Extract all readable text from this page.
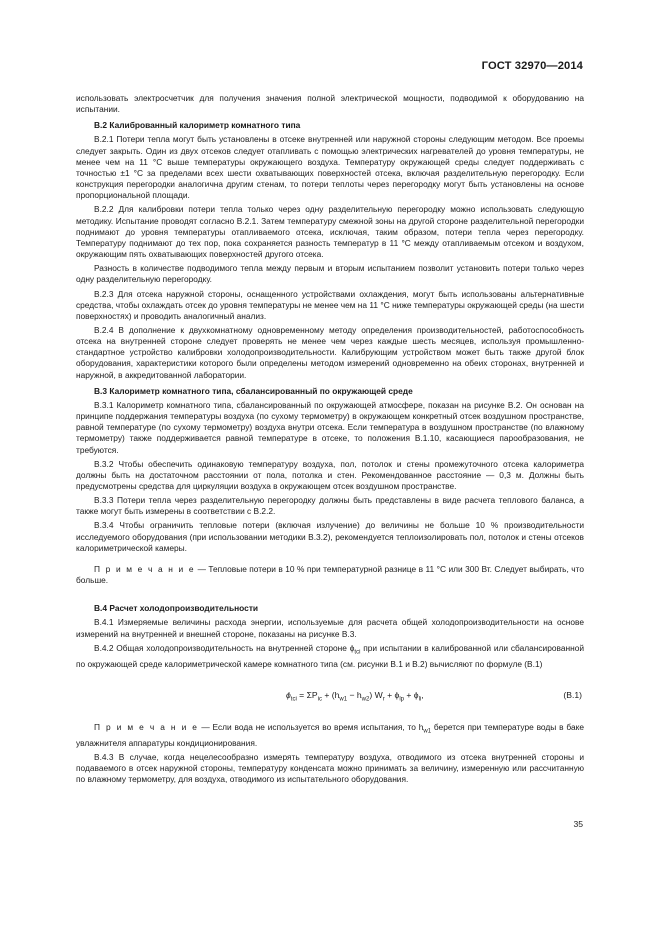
ГОСТ 32970—2014

использовать электросчетчик для получения значения полной электрической мощности, подводимой к оборудованию на испытании.

В.2 Калиброванный калориметр комнатного типа

В.2.1 Потери тепла могут быть установлены в отсеке внутренней или наружной стороны следующим методом. Все проемы следует закрыть. Один из двух отсеков следует отапливать с помощью электрических нагревателей до уровня температуры, не менее чем на 11 °С выше температуры окружающего воздуха. Температуру окружающей среды следует поддерживать с точностью ±1 °С за пределами всех шести охватывающих поверхностей отсека, включая разделительную перегородку. Если конструкция перегородки аналогична другим стенам, то потери теплоты через перегородку могут быть установлены на основе пропорциональной площади.

В.2.2 Для калибровки потери тепла только через одну разделительную перегородку можно использовать следующую методику. Испытание проводят согласно В.2.1. Затем температуру смежной зоны на другой стороне разделительной перегородки поднимают до уровня температуры отапливаемого отсека, исключая, таким образом, потери тепла через перегородку. Температуру поднимают до тех пор, пока сохраняется разность температур в 11 °С между отапливаемым отсеком и воздухом, окружающим пять охватывающих поверхностей другого отсека.

Разность в количестве подводимого тепла между первым и вторым испытанием позволит установить потери только через одну разделительную перегородку.

В.2.3 Для отсека наружной стороны, оснащенного устройствами охлаждения, могут быть использованы альтернативные средства, чтобы охлаждать отсек до уровня температуры не менее чем на 11 °С ниже температуры окружающей среды (на шести поверхностях) и проводить аналогичный анализ.

В.2.4 В дополнение к двухкомнатному одновременному методу определения производительностей, работоспособность отсека на внутренней стороне следует проверять не менее чем через каждые шесть месяцев, используя промышленно-стандартное устройство калибровки холодопроизводительности. Калибрующим устройством может быть также другой блок оборудования, характеристики которого были определены методом измерений одновременно на обеих сторонах, внутренней и наружной, в аккредитованной лаборатории.

В.3 Калориметр комнатного типа, сбалансированный по окружающей среде

В.3.1 Калориметр комнатного типа, сбалансированный по окружающей атмосфере, показан на рисунке В.2. Он основан на принципе поддержания температуры воздуха (по сухому термометру) в окружающем конкретный отсек воздушном пространстве, равной температуре (по сухому термометру) воздуха внутри отсека. Если температура в воздушном пространстве (по влажному термометру) также поддерживается равной температуре в отсеке, то положения В.1.10, касающиеся парообразования, не требуются.

В.3.2 Чтобы обеспечить одинаковую температуру воздуха, пол, потолок и стены промежуточного отсека калориметра должны быть на достаточном расстоянии от пола, потолка и стен. Рекомендованное расстояние — 0,3 м. Должны быть предусмотрены средства для циркуляции воздуха в окружающем отсек воздушном пространстве.

В.3.3 Потери тепла через разделительную перегородку должны быть представлены в виде расчета теплового баланса, а также могут быть измерены в соответствии с В.2.2.

В.3.4 Чтобы ограничить тепловые потери (включая излучение) до величины не больше 10 % производительности исследуемого оборудования (при использовании методики В.3.2), рекомендуется теплоизолировать пол, потолок и стены отсеков калориметрической камеры.

П р и м е ч а н и е — Тепловые потери в 10 % при температурной разнице в 11 °С или 300 Вт. Следует выбирать, что больше.

В.4 Расчет холодопроизводительности

В.4.1 Измеряемые величины расхода энергии, используемые для расчета общей холодопроизводительности на основе измерений на внутренней и внешней стороне, показаны на рисунке В.3.

В.4.2 Общая холодопроизводительность на внутренней стороне $\phi_{tci}$ при испытании в калиброванной или сбалансированной по окружающей среде калориметрической камере комнатного типа (см. рисунки В.1 и В.2) вычисляют по формуле (В.1)

$\phi_{tci} = \Sigma P_{ic} + (h_{w1} - h_{w2}) W_r + \phi_{lp} + \phi_{li}$,	(В.1)

П р и м е ч а н и е — Если вода не используется во время испытания, то $h_{w1}$ берется при температуре воды в баке увлажнителя аппаратуры кондиционирования.

В.4.3 В случае, когда нецелесообразно измерять температуру воздуха, отводимого из отсека внутренней стороны и подаваемого в отсек наружной стороны, температуру конденсата можно принимать за величину, измеренную или рассчитанную по влажному термометру, для воздуха, отводимого из испытательного оборудования.

35
